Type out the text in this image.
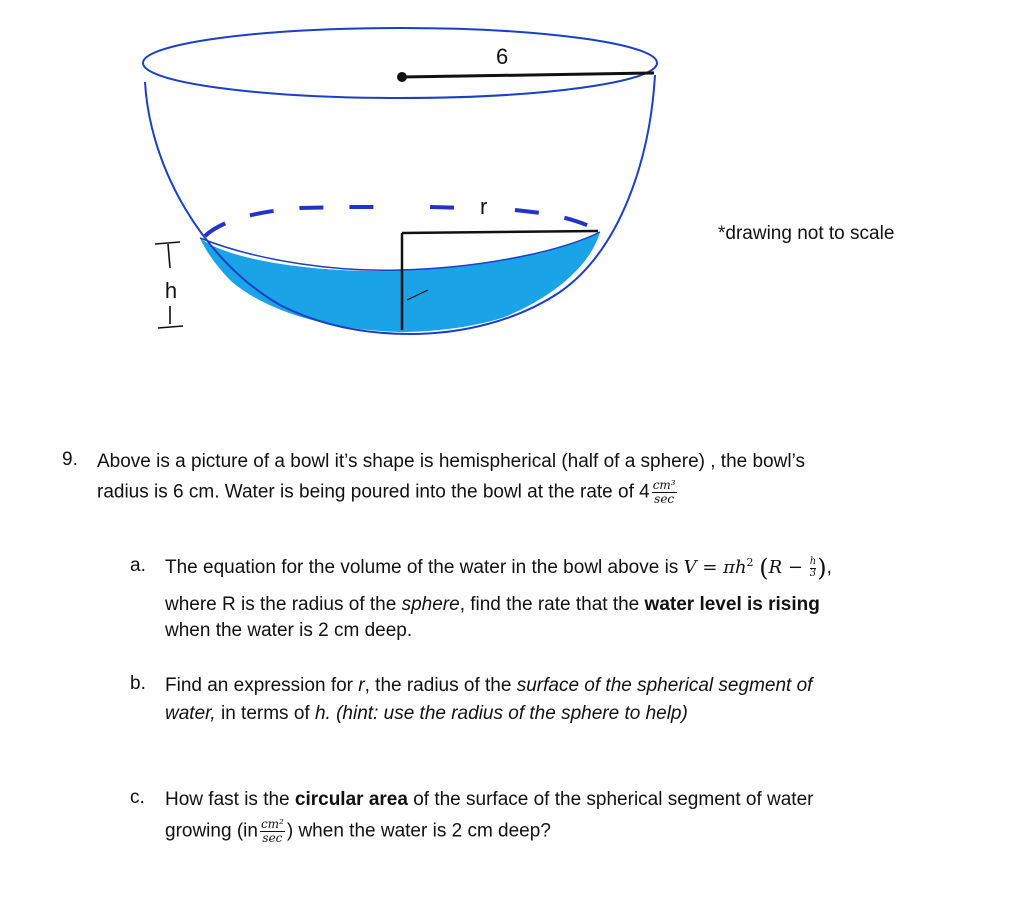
6
r
h
*drawing not to scale
9. Above is a picture of a bowl it’s shape is hemispherical (half of a sphere) , the bowl’s
radius is 6 cm. Water is being poured into the bowl at the rate of $4 \frac{\text{cm³}}{\sec}$
a. The equation for the volume of the water in the bowl above is $V = \pi h^2$ ($R - \frac{h}{3}$ ),
where R is the radius of the sphere, find the rate that the water level is rising
when the water is 2 cm deep.
b. Find an expression for r, the radius of the surface of the spherical segment of
water, in terms of h. (hint: use the radius of the sphere to help)
c. How fast is the circular area of the surface of the spherical segment of water
growing ($in \frac{\text{cm²}}{\sec}$ ) when the water is 2 cm deep?
